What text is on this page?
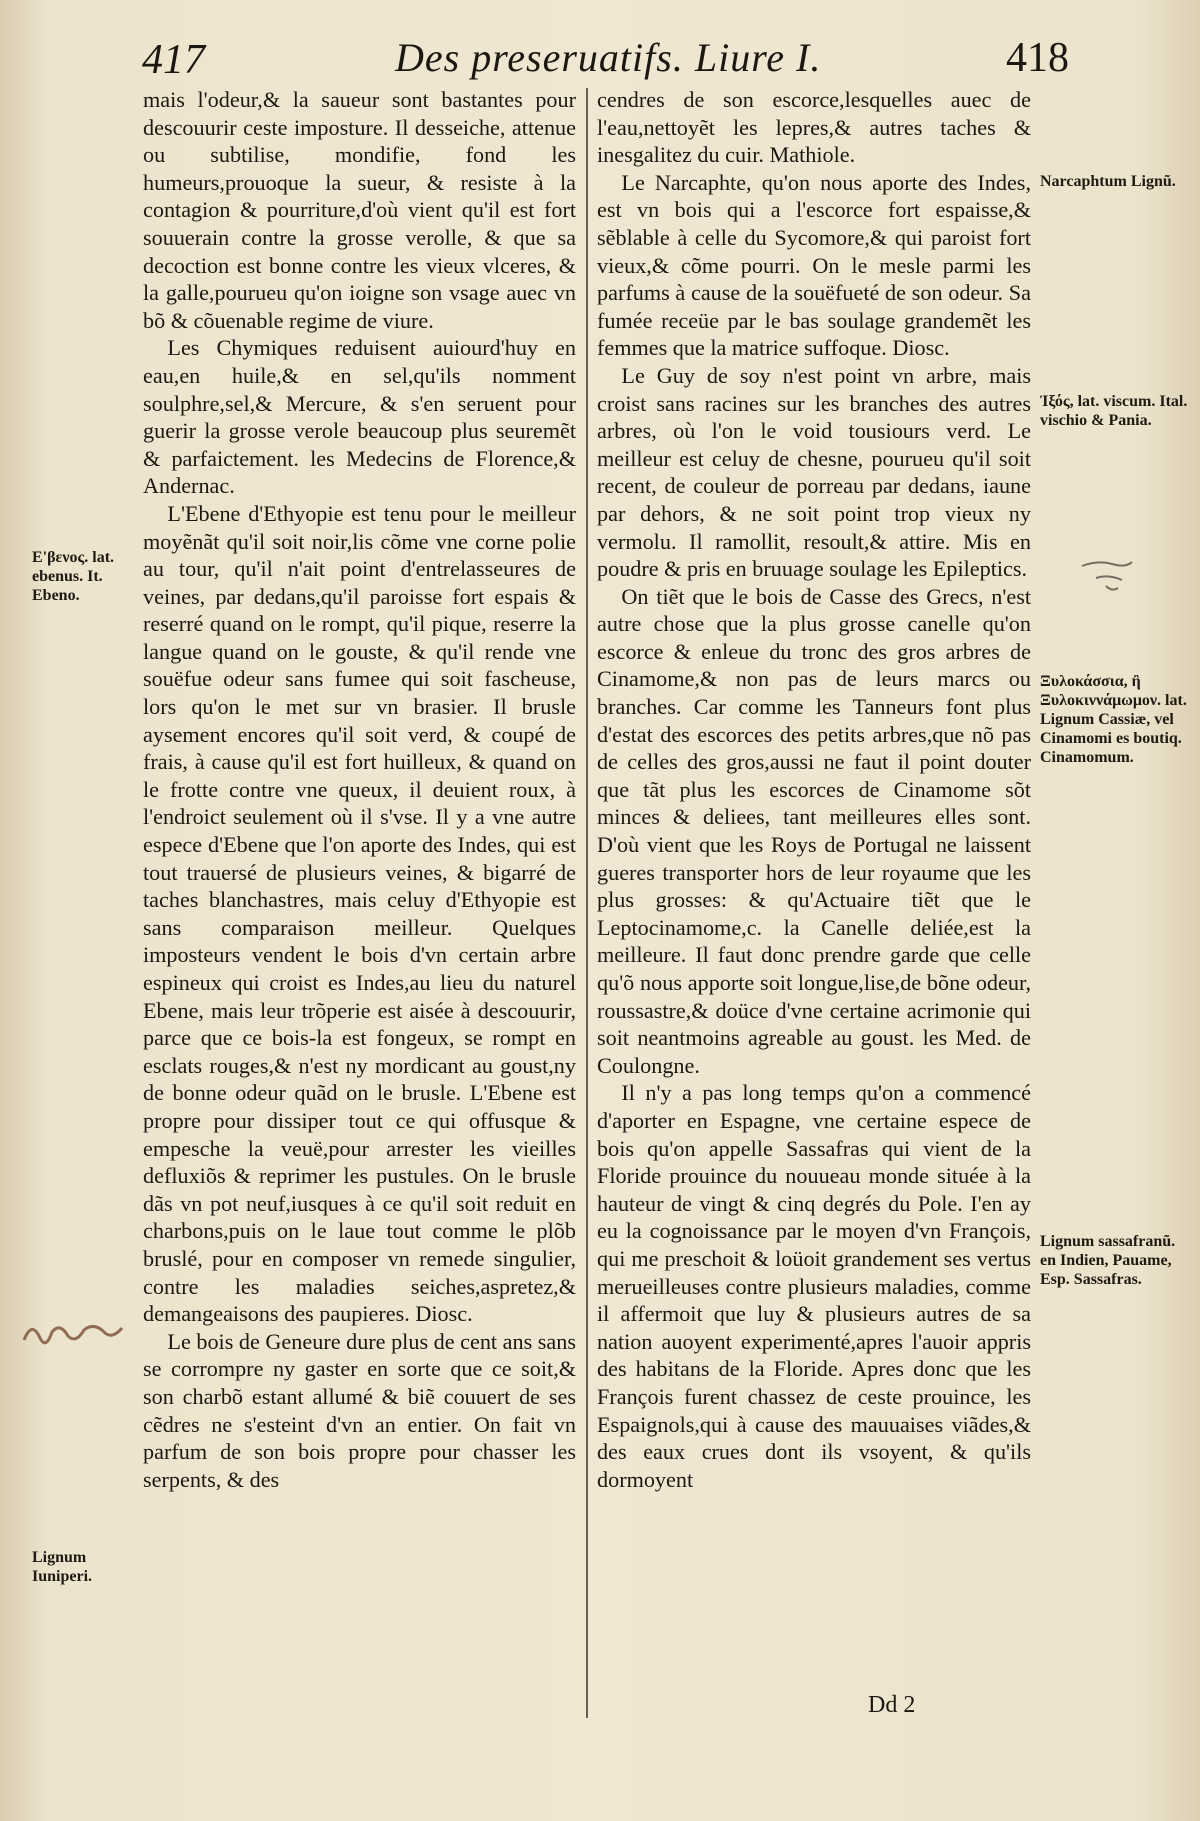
417	Des preseruatifs. Liure I.	418

mais l'odeur,& la saueur sont bastantes pour descouurir ceste imposture. Il desseiche, attenue ou subtilise, mondifie, fond les humeurs,prouoque la sueur, & resiste à la contagion & pourriture,d'où vient qu'il est fort souuerain contre la grosse verolle, & que sa decoction est bonne contre les vieux vlceres, & la galle,pourueu qu'on ioigne son vsage auec vn bõ & cõuenable regime de viure.

Les Chymiques reduisent auiourd'huy en eau,en huile,& en sel,qu'ils nomment soulphre,sel,& Mercure, & s'en seruent pour guerir la grosse verole beaucoup plus seuremẽt & parfaictement. les Medecins de Florence,& Andernac.

L'Ebene d'Ethyopie est tenu pour le meilleur moyẽnãt qu'il soit noir,lis cõme vne corne polie au tour, qu'il n'ait point d'entrelasseures de veines, par dedans,qu'il paroisse fort espais & reserré quand on le rompt, qu'il pique, reserre la langue quand on le gouste, & qu'il rende vne souëfue odeur sans fumee qui soit fascheuse, lors qu'on le met sur vn brasier. Il brusle aysement encores qu'il soit verd, & coupé de frais, à cause qu'il est fort huilleux, & quand on le frotte contre vne queux, il deuient roux, à l'endroict seulement où il s'vse. Il y a vne autre espece d'Ebene que l'on aporte des Indes, qui est tout trauersé de plusieurs veines, & bigarré de taches blanchastres, mais celuy d'Ethyopie est sans comparaison meilleur. Quelques imposteurs vendent le bois d'vn certain arbre espineux qui croist es Indes,au lieu du naturel Ebene, mais leur trõperie est aisée à descouurir, parce que ce bois-la est fongeux, se rompt en esclats rouges,& n'est ny mordicant au goust,ny de bonne odeur quãd on le brusle. L'Ebene est propre pour dissiper tout ce qui offusque & empesche la veuë,pour arrester les vieilles defluxiõs & reprimer les pustules. On le brusle dãs vn pot neuf,iusques à ce qu'il soit reduit en charbons,puis on le laue tout comme le plõb bruslé, pour en composer vn remede singulier, contre les maladies seiches,aspretez,& demangeaisons des paupieres. Diosc.

Le bois de Geneure dure plus de cent ans sans se corrompre ny gaster en sorte que ce soit,& son charbõ estant allumé & biẽ couuert de ses cẽdres ne s'esteint d'vn an entier. On fait vn parfum de son bois propre pour chasser les serpents, & des

cendres de son escorce,lesquelles auec de l'eau,nettoyẽt les lepres,& autres taches & inesgalitez du cuir. Mathiole.

Le Narcaphte, qu'on nous aporte des Indes, est vn bois qui a l'escorce fort espaisse,& sẽblable à celle du Sycomore,& qui paroist fort vieux,& cõme pourri. On le mesle parmi les parfums à cause de la souëfueté de son odeur. Sa fumée receüe par le bas soulage grandemẽt les femmes que la matrice suffoque. Diosc.

Le Guy de soy n'est point vn arbre, mais croist sans racines sur les branches des autres arbres, où l'on le void tousiours verd. Le meilleur est celuy de chesne, pourueu qu'il soit recent, de couleur de porreau par dedans, iaune par dehors, & ne soit point trop vieux ny vermolu. Il ramollit, resoult,& attire. Mis en poudre & pris en bruuage soulage les Epileptics.

On tiẽt que le bois de Casse des Grecs, n'est autre chose que la plus grosse canelle qu'on escorce & enleue du tronc des gros arbres de Cinamome,& non pas de leurs marcs ou branches. Car comme les Tanneurs font plus d'estat des escorces des petits arbres,que nõ pas de celles des gros,aussi ne faut il point douter que tãt plus les escorces de Cinamome sõt minces & deliees, tant meilleures elles sont. D'où vient que les Roys de Portugal ne laissent gueres transporter hors de leur royaume que les plus grosses: & qu'Actuaire tiẽt que le Leptocinamome,c. la Canelle deliée,est la meilleure. Il faut donc prendre garde que celle qu'õ nous apporte soit longue,lise,de bõne odeur, roussastre,& doüce d'vne certaine acrimonie qui soit neantmoins agreable au goust. les Med. de Coulongne.

Il n'y a pas long temps qu'on a commencé d'aporter en Espagne, vne certaine espece de bois qu'on appelle Sassafras qui vient de la Floride prouince du nouueau monde située à la hauteur de vingt & cinq degrés du Pole. I'en ay eu la cognoissance par le moyen d'vn François, qui me preschoit & loüoit grandement ses vertus merueilleuses contre plusieurs maladies, comme il affermoit que luy & plusieurs autres de sa nation auoyent experimenté,apres l'auoir appris des habitans de la Floride. Apres donc que les François furent chassez de ceste prouince, les Espaignols,qui à cause des mauuaises viãdes,& des eaux crues dont ils vsoyent, & qu'ils dormoyent

E'βενος. lat. ebenus. It. Ebeno.
Lignum Iuniperi.
Narcaphtum Lignũ.
Ἰξός, lat. viscum. Ital. vischio & Pania.
Ξυλοκάσσια, ἢ Ξυλοκιννάμωμον. lat. Lignum Cassiæ, vel Cinamomi es boutiq. Cinamomum.
Lignum sassafranũ. en Indien, Pauame, Esp. Sassafras.
Dd 2
